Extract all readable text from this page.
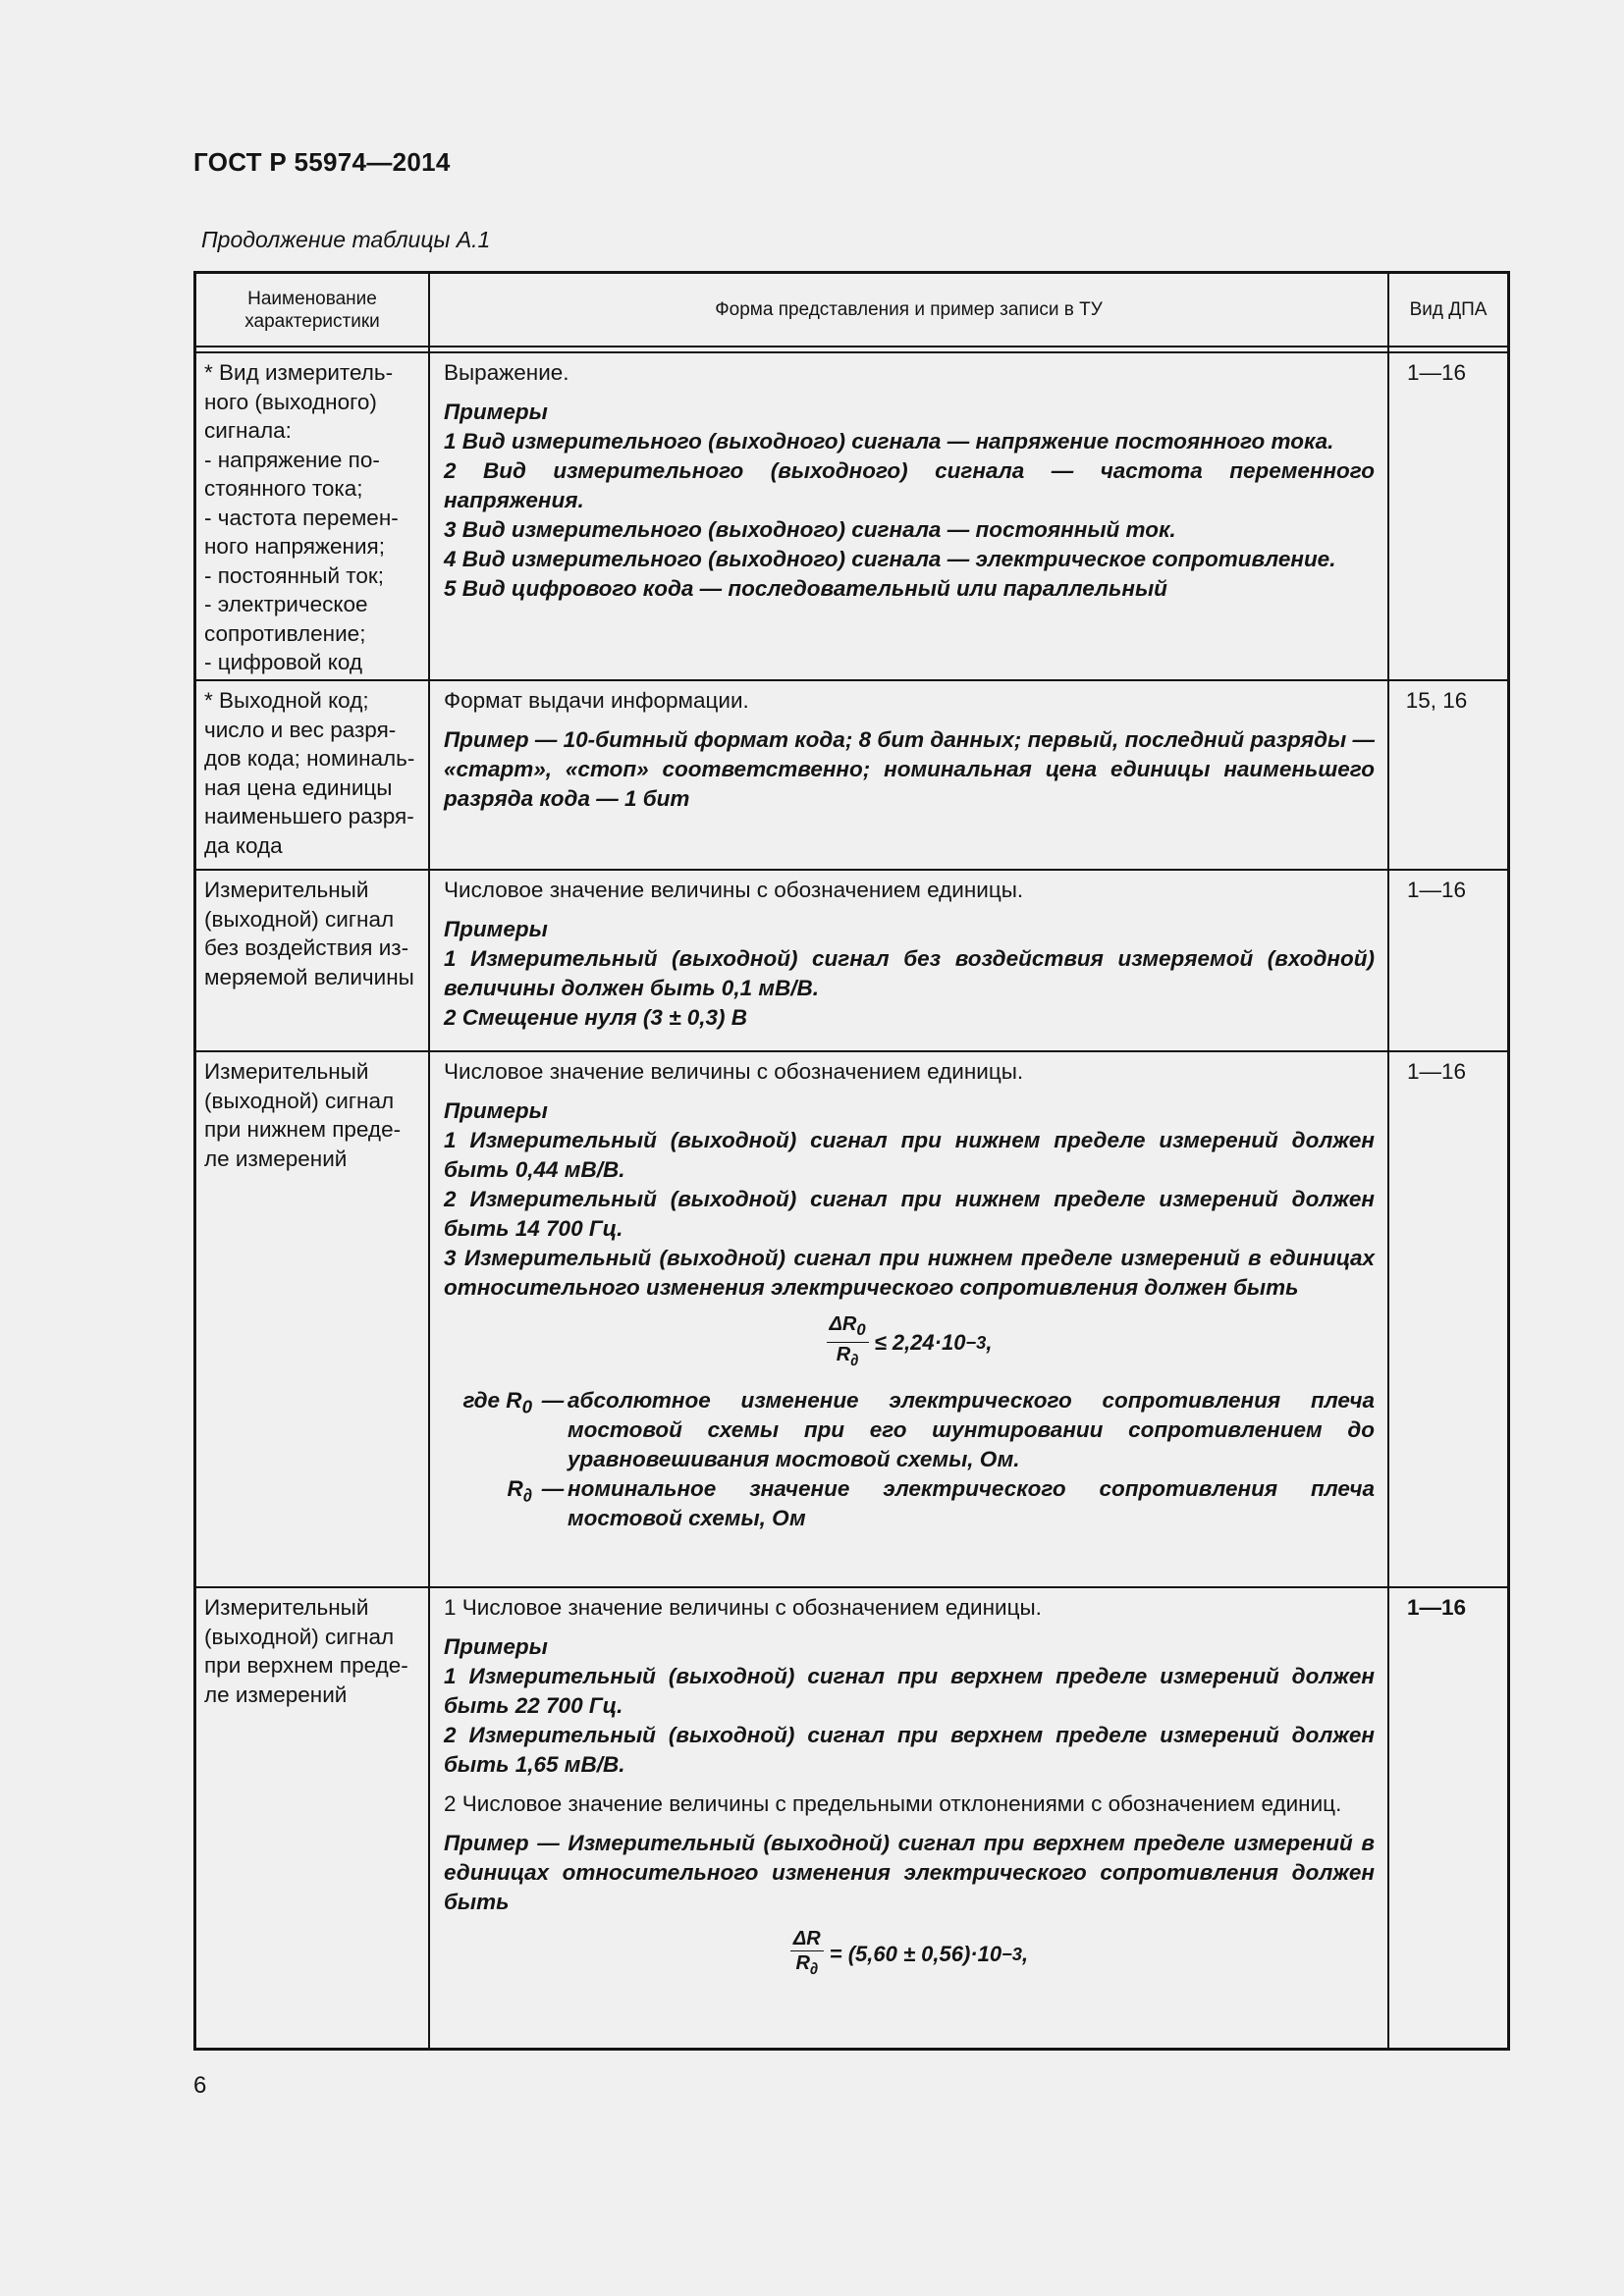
ГОСТ Р 55974—2014
Продолжение таблицы А.1
Наименование характеристики
Форма представления и пример записи в ТУ	Вид ДПА
* Вид измеритель-
ного (выходного)
сигнала:
- напряжение по-
стоянного тока;
- частота перемен-
ного напряжения;
- постоянный ток;
- электрическое
сопротивление;
- цифровой код

Выражение.

Примеры

1 Вид измерительного (выходного) сигнала — напряжение постоянного тока.

2 Вид измерительного (выходного) сигнала — частота переменного напряжения.

3 Вид измерительного (выходного) сигнала — постоянный ток.

4 Вид измерительного (выходного) сигнала — электрическое сопротивление.

5 Вид цифрового кода — последовательный или параллельный

1—16
* Выходной код;
число и вес разря-
дов кода; номиналь-
ная цена единицы
наименьшего разря-
да кода

Формат выдачи информации.

Пример — 10-битный формат кода; 8 бит данных; первый, последний разряды — «старт», «стоп» соответственно; номинальная цена единицы наименьшего разряда кода — 1 бит

15, 16
Измерительный
(выходной) сигнал
без воздействия из-
меряемой величины

Числовое значение величины с обозначением единицы.

Примеры

1 Измерительный (выходной) сигнал без воздействия измеряемой (входной) величины должен быть 0,1 мВ/В.

2 Смещение нуля (3 ± 0,3) В

1—16
Измерительный
(выходной) сигнал
при нижнем преде-
ле измерений

Числовое значение величины с обозначением единицы.

Примеры

1 Измерительный (выходной) сигнал при нижнем пределе измерений должен быть 0,44 мВ/В.

2 Измерительный (выходной) сигнал при нижнем пределе измерений должен быть 14 700 Гц.

3 Измерительный (выходной) сигнал при нижнем пределе измерений в единицах относительного изменения электрического сопротивления должен быть

$\frac{\Delta R_0}{R_\partial} \le 2,24\cdot 10 -3$ ,
где $R_0$ — абсолютное изменение электрического сопротивления плеча мостовой схемы при его шунтировании сопротивлением до уравновешивания мостовой схемы, Ом.
$R_\partial$ — номинальное значение электрического сопротивления плеча мостовой схемы, Ом
1—16
Измерительный
(выходной) сигнал
при верхнем преде-
ле измерений

1 Числовое значение величины с обозначением единицы.

Примеры

1 Измерительный (выходной) сигнал при верхнем пределе измерений должен быть 22 700 Гц.

2 Измерительный (выходной) сигнал при верхнем пределе измерений должен быть 1,65 мВ/В.

2 Числовое значение величины с предельными отклонениями с обозначением единиц.

Пример — Измерительный (выходной) сигнал при верхнем пределе измерений в единицах относительного изменения электрического сопротивления должен быть

$\frac{\Delta R}{R_\partial} = (5,60 \pm 0,56)\cdot 10 -3$ ,
1—16
6
